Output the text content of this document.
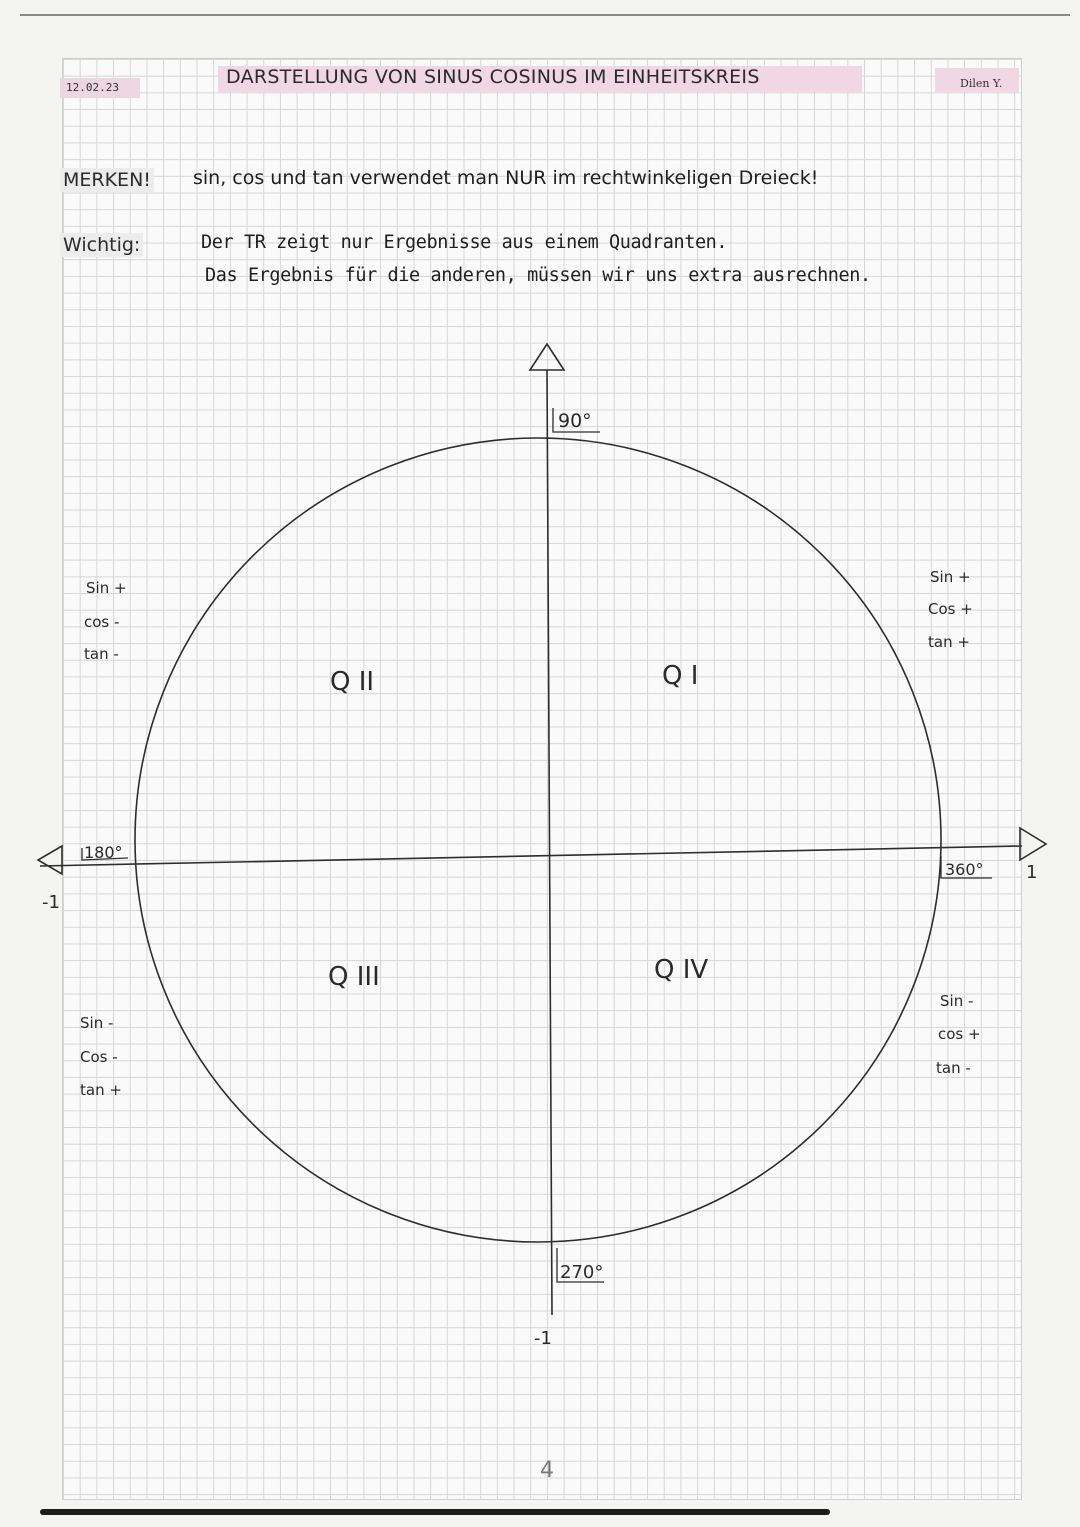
12.02.23	DARSTELLUNG VON SINUS COSINUS IM EINHEITSKREIS	Dilen Y.
MERKEN! sin, cos und tan verwendet man NUR im rechtwinkeligen Dreieck!
Wichtig:	Der TR zeigt nur Ergebnisse aus einem Quadranten.
Das Ergebnis für die anderen, müssen wir uns extra ausrechnen.
90°
180°
360°
270°
1
-1
-1
Q I
Q II
Q III	Q IV
Sin +
cos -
tan -
Sin +
Cos +
tan +
Sin -
Cos -
tan +
Sin -
cos +
tan -
4
